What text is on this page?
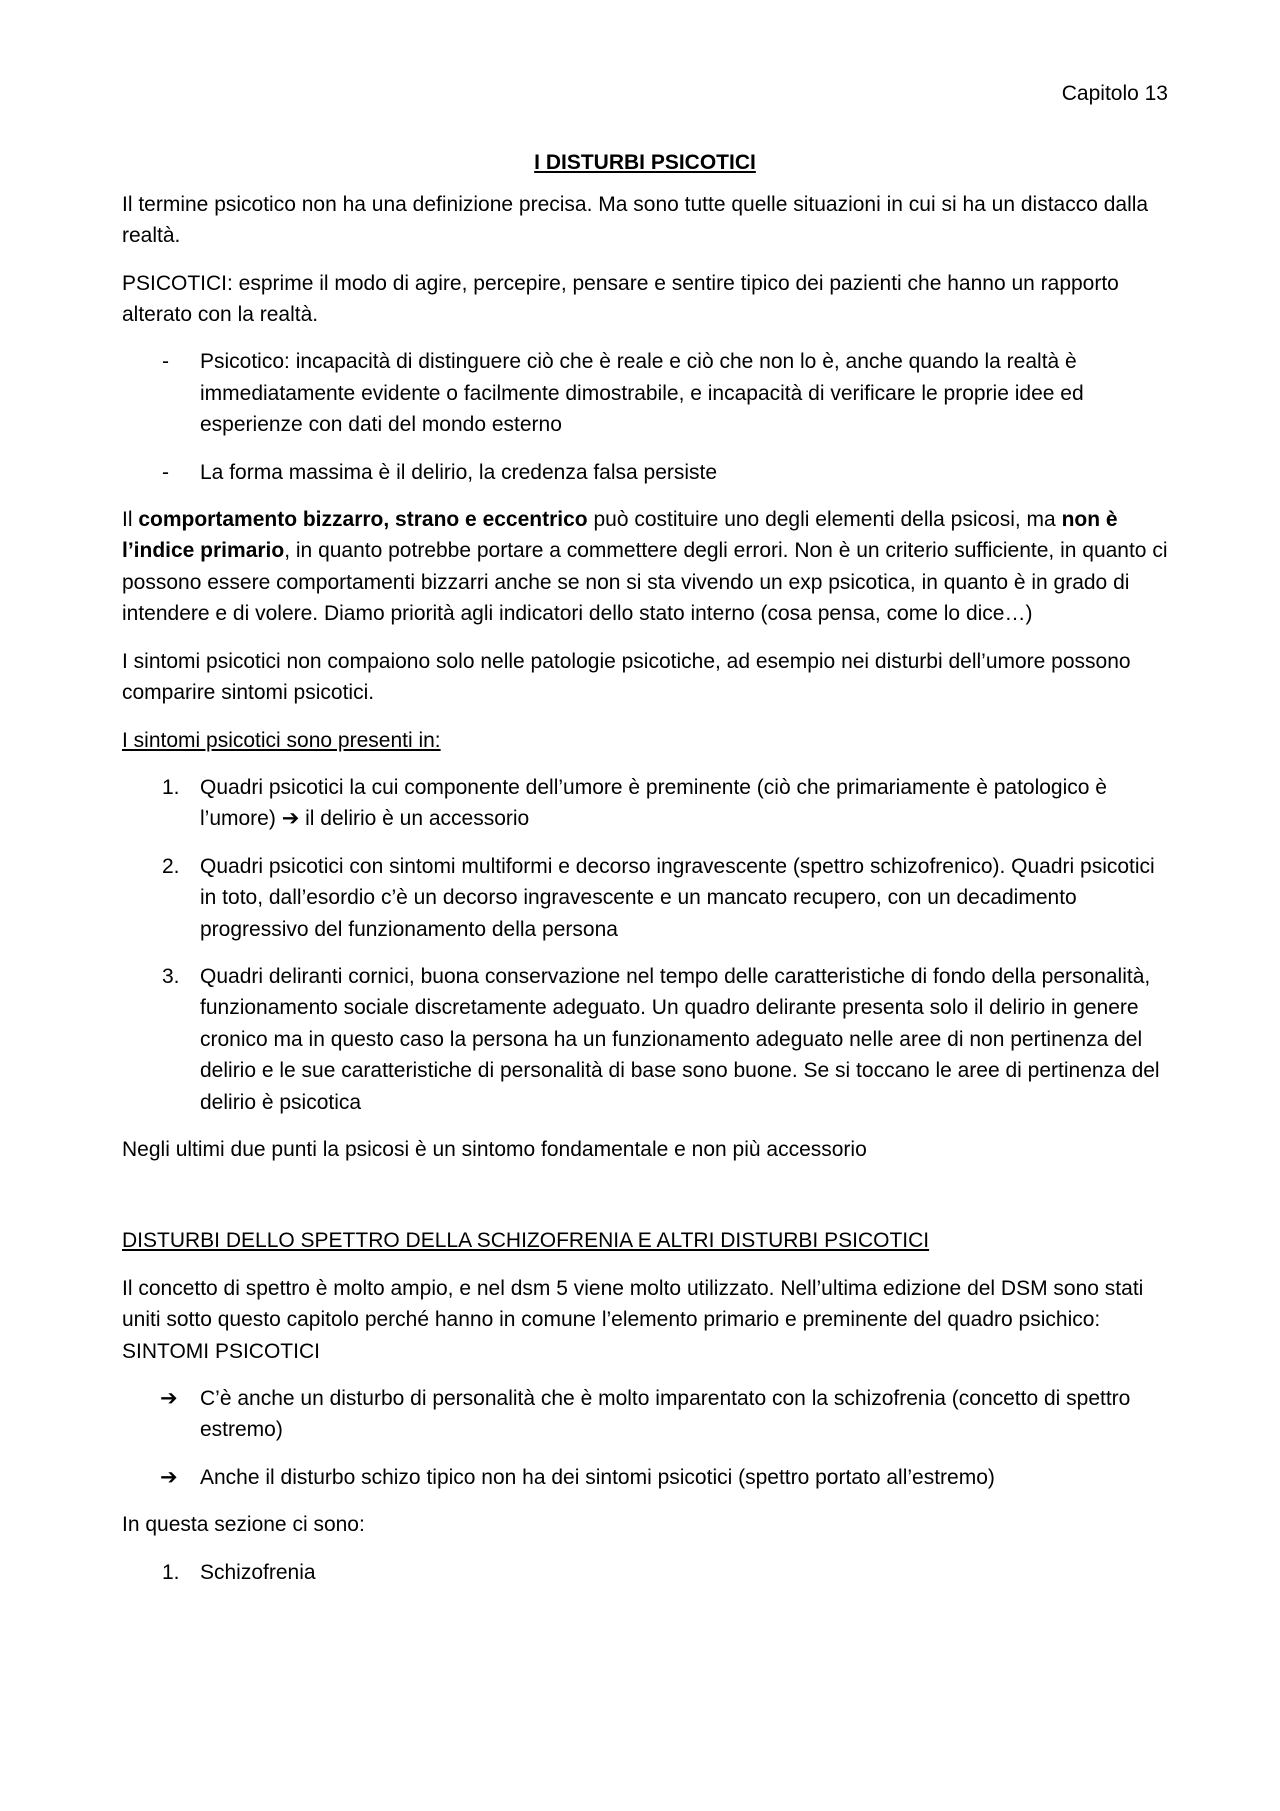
Capitolo 13
I DISTURBI PSICOTICI

Il termine psicotico non ha una definizione precisa. Ma sono tutte quelle situazioni in cui si ha un distacco dalla realtà.

PSICOTICI: esprime il modo di agire, percepire, pensare e sentire tipico dei pazienti che hanno un rapporto alterato con la realtà.

-	Psicotico: incapacità di distinguere ciò che è reale e ciò che non lo è, anche quando la realtà è immediatamente evidente o facilmente dimostrabile, e incapacità di verificare le proprie idee ed esperienze con dati del mondo esterno
-	La forma massima è il delirio, la credenza falsa persiste

Il comportamento bizzarro, strano e eccentrico può costituire uno degli elementi della psicosi, ma non è l’indice primario, in quanto potrebbe portare a commettere degli errori. Non è un criterio sufficiente, in quanto ci possono essere comportamenti bizzarri anche se non si sta vivendo un exp psicotica, in quanto è in grado di intendere e di volere. Diamo priorità agli indicatori dello stato interno (cosa pensa, come lo dice…)

I sintomi psicotici non compaiono solo nelle patologie psicotiche, ad esempio nei disturbi dell’umore possono comparire sintomi psicotici.

I sintomi psicotici sono presenti in:

1. Quadri psicotici la cui componente dell’umore è preminente (ciò che primariamente è patologico è l’umore) ➔ il delirio è un accessorio
2. Quadri psicotici con sintomi multiformi e decorso ingravescente (spettro schizofrenico). Quadri psicotici in toto, dall’esordio c’è un decorso ingravescente e un mancato recupero, con un decadimento progressivo del funzionamento della persona
3. Quadri deliranti cornici, buona conservazione nel tempo delle caratteristiche di fondo della personalità, funzionamento sociale discretamente adeguato. Un quadro delirante presenta solo il delirio in genere cronico ma in questo caso la persona ha un funzionamento adeguato nelle aree di non pertinenza del delirio e le sue caratteristiche di personalità di base sono buone. Se si toccano le aree di pertinenza del delirio è psicotica

Negli ultimi due punti la psicosi è un sintomo fondamentale e non più accessorio

DISTURBI DELLO SPETTRO DELLA SCHIZOFRENIA E ALTRI DISTURBI PSICOTICI

Il concetto di spettro è molto ampio, e nel dsm 5 viene molto utilizzato. Nell’ultima edizione del DSM sono stati uniti sotto questo capitolo perché hanno in comune l’elemento primario e preminente del quadro psichico: SINTOMI PSICOTICI

➔	C’è anche un disturbo di personalità che è molto imparentato con la schizofrenia (concetto di spettro estremo)
➔	Anche il disturbo schizo tipico non ha dei sintomi psicotici (spettro portato all’estremo)

In questa sezione ci sono:

1. Schizofrenia
